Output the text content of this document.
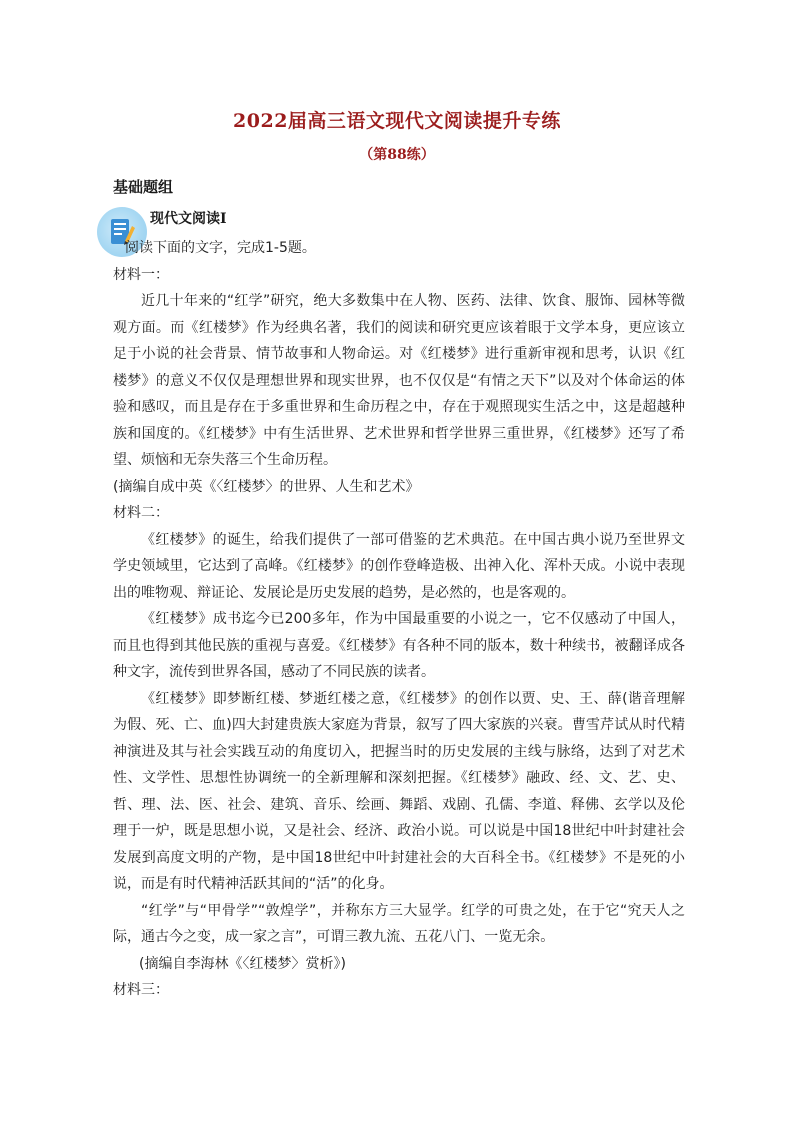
2022届高三语文现代文阅读提升专练
（第88练）
基础题组
现代文阅读Ⅰ

阅读下面的文字，完成1-5题。

材料一：

近几十年来的“红学”研究，绝大多数集中在人物、医药、法律、饮食、服饰、园林等微观方面。而《红楼梦》作为经典名著，我们的阅读和研究更应该着眼于文学本身，更应该立足于小说的社会背景、情节故事和人物命运。对《红楼梦》进行重新审视和思考，认识《红楼梦》的意义不仅仅是理想世界和现实世界，也不仅仅是“有情之天下”以及对个体命运的体验和感叹，而且是存在于多重世界和生命历程之中，存在于观照现实生活之中，这是超越种族和国度的。《红楼梦》中有生活世界、艺术世界和哲学世界三重世界，《红楼梦》还写了希望、烦恼和无奈失落三个生命历程。

(摘编自成中英《〈红楼梦〉的世界、人生和艺术》

材料二：

《红楼梦》的诞生，给我们提供了一部可借鉴的艺术典范。在中国古典小说乃至世界文学史领域里，它达到了高峰。《红楼梦》的创作登峰造极、出神入化、浑朴天成。小说中表现出的唯物观、辩证论、发展论是历史发展的趋势，是必然的，也是客观的。

《红楼梦》成书迄今已200多年，作为中国最重要的小说之一，它不仅感动了中国人，而且也得到其他民族的重视与喜爱。《红楼梦》有各种不同的版本，数十种续书，被翻译成各种文字，流传到世界各国，感动了不同民族的读者。

《红楼梦》即梦断红楼、梦逝红楼之意，《红楼梦》的创作以贾、史、王、薛(谐音理解为假、死、亡、血)四大封建贵族大家庭为背景，叙写了四大家族的兴衰。曹雪芹试从时代精神演进及其与社会实践互动的角度切入，把握当时的历史发展的主线与脉络，达到了对艺术性、文学性、思想性协调统一的全新理解和深刻把握。《红楼梦》融政、经、文、艺、史、哲、理、法、医、社会、建筑、音乐、绘画、舞蹈、戏剧、孔儒、李道、释佛、玄学以及伦理于一炉，既是思想小说，又是社会、经济、政治小说。可以说是中国18世纪中叶封建社会发展到高度文明的产物，是中国18世纪中叶封建社会的大百科全书。《红楼梦》不是死的小说，而是有时代精神活跃其间的“活”的化身。

“红学”与“甲骨学”“敦煌学”，并称东方三大显学。红学的可贵之处，在于它“究天人之际，通古今之变，成一家之言”，可谓三教九流、五花八门、一览无余。

(摘编自李海林《〈红楼梦〉赏析》)

材料三：
